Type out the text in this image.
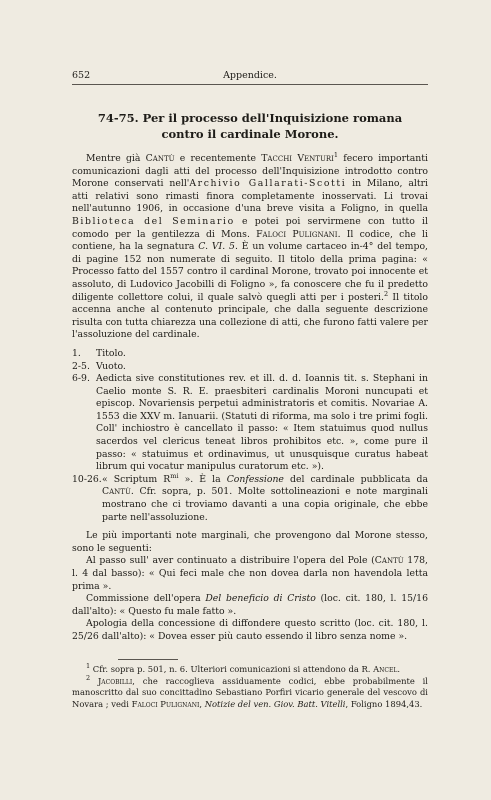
652	Appendice.
74-75. Per il processo dell'Inquisizione romana
contro il cardinale Morone.

Mentre già Cantù e recentemente Tacchi Venturi$^1$ fecero importanti comunicazioni dagli atti del processo dell'Inquisizione introdotto contro Morone conservati nell'Archivio Gallarati-Scotti in Milano, altri atti relativi sono rimasti finora completamente inosservati. Li trovai nell'autunno 1906, in occasione d'una breve visita a Foligno, in quella Biblioteca del Seminario e potei poi servirmene con tutto il comodo per la gentilezza di Mons. Faloci Pulignani. Il codice, che li contiene, ha la segnatura C. VI. 5. È un volume cartaceo in-4° del tempo, di pagine 152 non numerate di seguito. Il titolo della prima pagina: « Processo fatto del 1557 contro il cardinal Morone, trovato poi innocente et assoluto, di Ludovico Jacobilli di Foligno », fa conoscere che fu il predetto diligente collettore colui, il quale salvò quegli atti per i posteri.$^2$ Il titolo accenna anche al contenuto principale, che dalla seguente descrizione risulta con tutta chiarezza una collezione di atti, che furono fatti valere per l'assoluzione del cardinale.

1.	Titolo.
2-5. Vuoto.
6-9. Aedicta sive constitutiones rev. et ill. d. d. Ioannis tit. s. Stephani in Caelio monte S. R. E. praesbiteri cardinalis Moroni nuncupati et episcop. Novariensis perpetui administratoris et comitis. Novariae A. 1553 die XXV m. Ianuarii. (Statuti di riforma, ma solo i tre primi fogli. Coll' inchiostro è cancellato il passo: « Item statuimus quod nullus sacerdos vel clericus teneat libros prohibitos etc. », come pure il passo: « statuimus et ordinavimus, ut unusquisque curatus habeat librum qui vocatur manipulus curatorum etc. »).
10-26. « Scriptum $R^{mi}$ ». È la Confessione del cardinale pubblicata da Cantù. Cfr. sopra, p. 501. Molte sottolineazioni e note marginali mostrano che ci troviamo davanti a una copia originale, che ebbe parte nell'assoluzione.

Le più importanti note marginali, che provengono dal Morone stesso, sono le seguenti:

Al passo sull' aver continuato a distribuire l'opera del Pole (Cantù 178, l. 4 dal basso): « Qui feci male che non dovea darla non havendola letta prima ».

Commissione dell'opera Del beneficio di Cristo (loc. cit. 180, l. 15/16 dall'alto): « Questo fu male fatto ».

Apologia della concessione di diffondere questo scritto (loc. cit. 180, l. 25/26 dall'alto): « Dovea esser più cauto essendo il libro senza nome ».

$^1$ Cfr. sopra p. 501, n. 6. Ulteriori comunicazioni si attendono da R. Ancel.

$^2$ Jacobilli, che raccoglieva assiduamente codici, ebbe probabilmente il manoscritto dal suo concittadino Sebastiano Porfiri vicario generale del vescovo di Novara ; vedi Faloci Pulignani, Notizie del ven. Giov. Batt. Vitelli, Foligno 1894,43.
